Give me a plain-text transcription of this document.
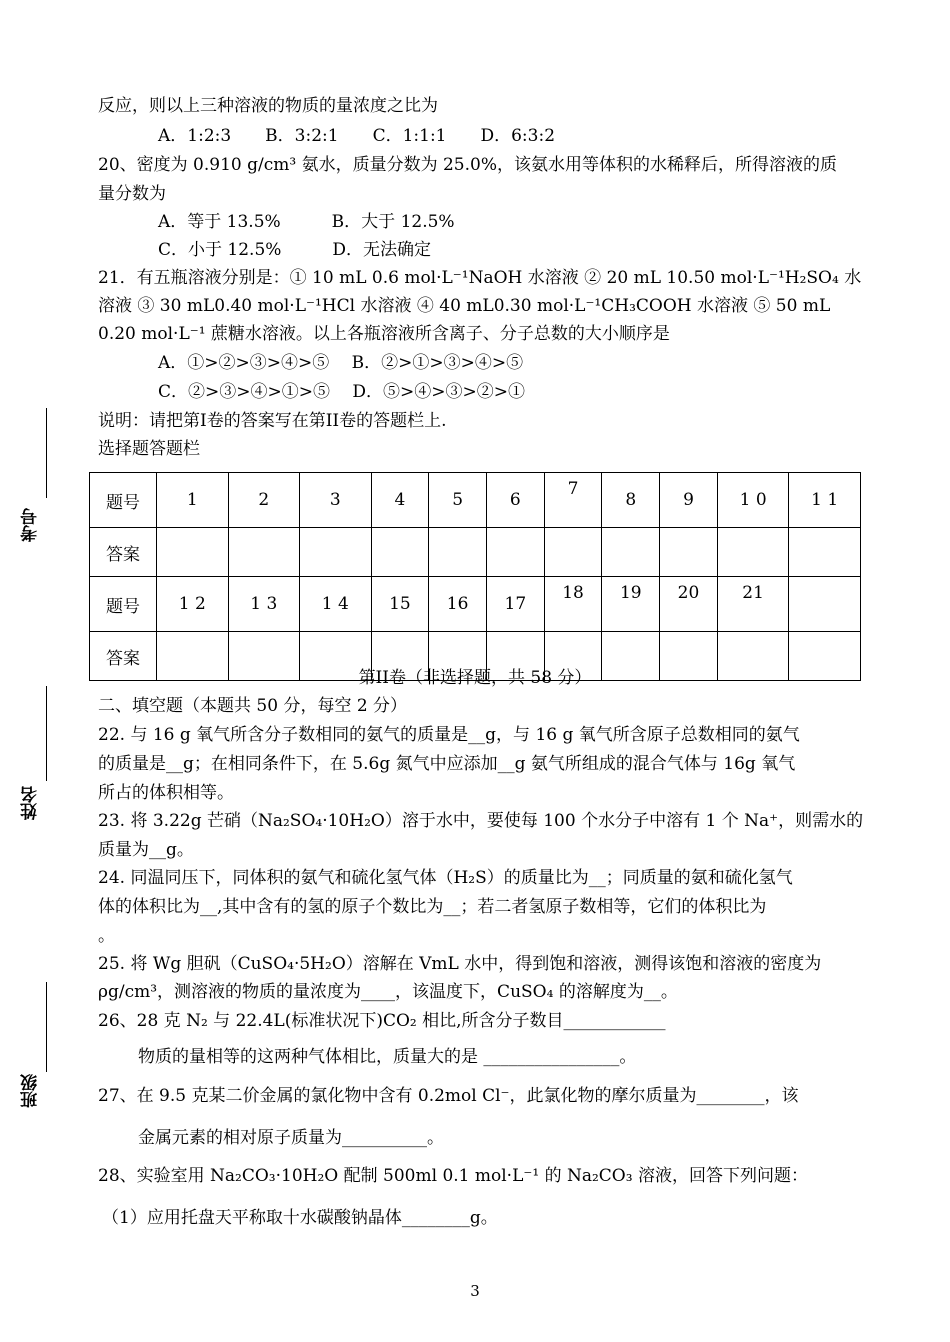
考号
姓名
班级
反应，则以上三种溶液的物质的量浓度之比为
A．1:2:3　　B．3:2:1　　C．1:1:1　　D．6:3:2
20、密度为 0.910 g/cm³ 氨水，质量分数为 25.0%，该氨水用等体积的水稀释后，所得溶液的质
量分数为
A．等于 13.5%　　　B．大于 12.5%
C．小于 12.5%　　　D．无法确定
21．有五瓶溶液分别是：① 10 mL 0.6 mol·L⁻¹NaOH 水溶液 ② 20 mL 10.50 mol·L⁻¹H₂SO₄ 水
溶液 ③ 30 mL0.40 mol·L⁻¹HCl 水溶液 ④ 40 mL0.30 mol·L⁻¹CH₃COOH 水溶液 ⑤ 50 mL
0.20 mol·L⁻¹ 蔗糖水溶液。以上各瓶溶液所含离子、分子总数的大小顺序是
A．①>②>③>④>⑤　 B．②>①>③>④>⑤
C．②>③>④>①>⑤　 D．⑤>④>③>②>①
说明：请把第I卷的答案写在第II卷的答题栏上.
选择题答题栏
题号	1	2	3	4	5	6	7	8	9	1 0	1 1
答案											
题号	1 2	1 3	1 4	15	16	17	18	19	20	21	
答案											
第II卷（非选择题，共 58 分）
二、填空题（本题共 50 分，每空 2 分）
22. 与 16 g 氧气所含分子数相同的氨气的质量是__g，与 16 g 氧气所含原子总数相同的氨气
的质量是__g；在相同条件下，在 5.6g 氮气中应添加__g 氨气所组成的混合气体与 16g 氧气
所占的体积相等。
23. 将 3.22g 芒硝（Na₂SO₄·10H₂O）溶于水中，要使每 100 个水分子中溶有 1 个 Na⁺，则需水的
质量为__g。
24. 同温同压下，同体积的氨气和硫化氢气体（H₂S）的质量比为__；同质量的氨和硫化氢气
体的体积比为__,其中含有的氢的原子个数比为__；若二者氢原子数相等，它们的体积比为
。
25. 将 Wg 胆矾（CuSO₄·5H₂O）溶解在 VmL 水中，得到饱和溶液，测得该饱和溶液的密度为
ρg/cm³，测溶液的物质的量浓度为____，该温度下，CuSO₄ 的溶解度为__。
26、28 克 N₂ 与 22.4L(标准状况下)CO₂ 相比,所含分子数目____________
物质的量相等的这两种气体相比，质量大的是 ________________。
27、在 9.5 克某二价金属的氯化物中含有 0.2mol Cl⁻，此氯化物的摩尔质量为________，该
金属元素的相对原子质量为__________。
28、实验室用 Na₂CO₃·10H₂O 配制 500ml 0.1 mol·L⁻¹ 的 Na₂CO₃ 溶液，回答下列问题：
（1）应用托盘天平称取十水碳酸钠晶体________g。
3
